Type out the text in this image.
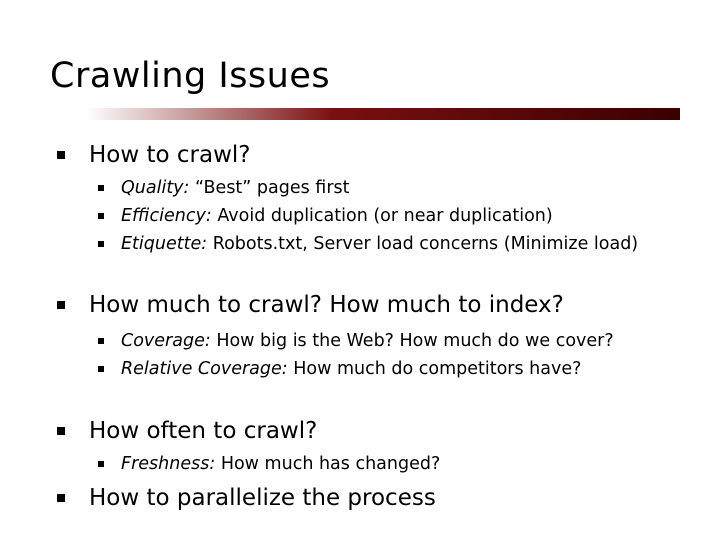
Crawling Issues
How to crawl?
Quality: “Best” pages first
Efficiency: Avoid duplication (or near duplication)
Etiquette: Robots.txt, Server load concerns (Minimize load)
How much to crawl? How much to index?
Coverage: How big is the Web? How much do we cover?
Relative Coverage: How much do competitors have?
How often to crawl?
Freshness: How much has changed?
How to parallelize the process
